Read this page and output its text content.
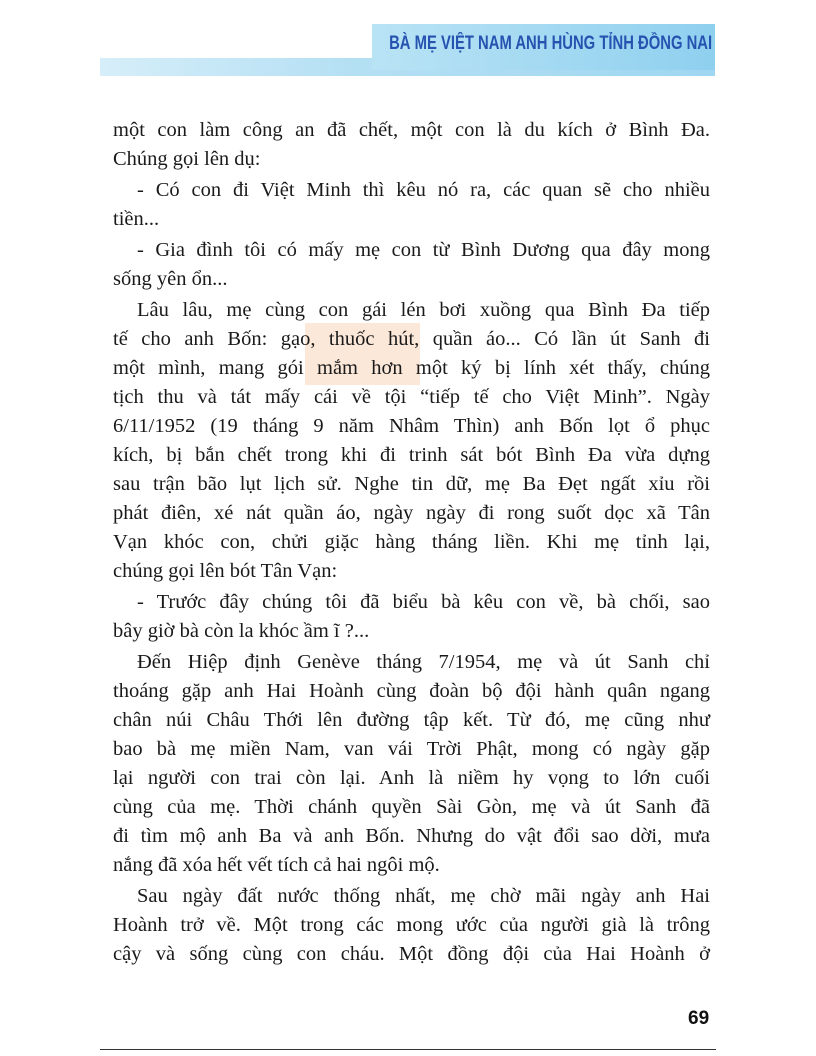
BÀ MẸ VIỆT NAM ANH HÙNG TỈNH ĐỒNG NAI
một con làm công an đã chết, một con là du kích ở Bình Đa.
Chúng gọi lên dụ:
- Có con đi Việt Minh thì kêu nó ra, các quan sẽ cho nhiều
tiền...
- Gia đình tôi có mấy mẹ con từ Bình Dương qua đây mong
sống yên ổn...
Lâu lâu, mẹ cùng con gái lén bơi xuồng qua Bình Đa tiếp
tế cho anh Bốn: gạo, thuốc hút, quần áo... Có lần út Sanh đi
một mình, mang gói mắm hơn một ký bị lính xét thấy, chúng
tịch thu và tát mấy cái về tội “tiếp tế cho Việt Minh”. Ngày
6/11/1952 (19 tháng 9 năm Nhâm Thìn) anh Bốn lọt ổ phục
kích, bị bắn chết trong khi đi trinh sát bót Bình Đa vừa dựng
sau trận bão lụt lịch sử. Nghe tin dữ, mẹ Ba Đẹt ngất xỉu rồi
phát điên, xé nát quần áo, ngày ngày đi rong suốt dọc xã Tân
Vạn khóc con, chửi giặc hàng tháng liền. Khi mẹ tỉnh lại,
chúng gọi lên bót Tân Vạn:
- Trước đây chúng tôi đã biểu bà kêu con về, bà chối, sao
bây giờ bà còn la khóc ầm ĩ ?...
Đến Hiệp định Genève tháng 7/1954, mẹ và út Sanh chỉ
thoáng gặp anh Hai Hoành cùng đoàn bộ đội hành quân ngang
chân núi Châu Thới lên đường tập kết. Từ đó, mẹ cũng như
bao bà mẹ miền Nam, van vái Trời Phật, mong có ngày gặp
lại người con trai còn lại. Anh là niềm hy vọng to lớn cuối
cùng của mẹ. Thời chánh quyền Sài Gòn, mẹ và út Sanh đã
đi tìm mộ anh Ba và anh Bốn. Nhưng do vật đổi sao dời, mưa
nắng đã xóa hết vết tích cả hai ngôi mộ.
Sau ngày đất nước thống nhất, mẹ chờ mãi ngày anh Hai
Hoành trở về. Một trong các mong ước của người già là trông
cậy và sống cùng con cháu. Một đồng đội của Hai Hoành ở
69
